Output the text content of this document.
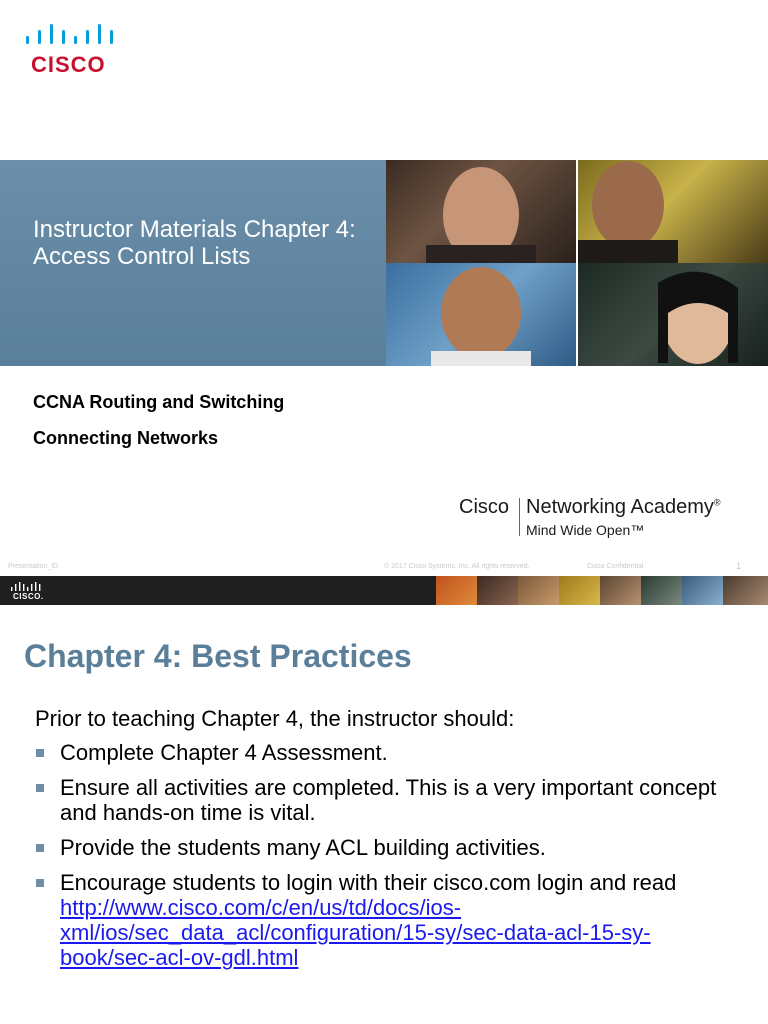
CISCO
Instructor Materials Chapter 4: Access Control Lists
CCNA Routing and Switching
Connecting Networks
Cisco Networking Academy®
Mind Wide Open™
Presentation_ID	© 2017 Cisco Systems, Inc. All rights reserved.	Cisco Confidential	1
CISCO.
Chapter 4: Best Practices
Prior to teaching Chapter 4, the instructor should:
Complete Chapter 4 Assessment.
Ensure all activities are completed. This is a very important concept and hands-on time is vital.
Provide the students many ACL building activities.
Encourage students to login with their cisco.com login and read
http://www.cisco.com/c/en/us/td/docs/ios-xml/ios/sec_data_acl/configuration/15-sy/sec-data-acl-15-sy-book/sec-acl-ov-gdl.html
